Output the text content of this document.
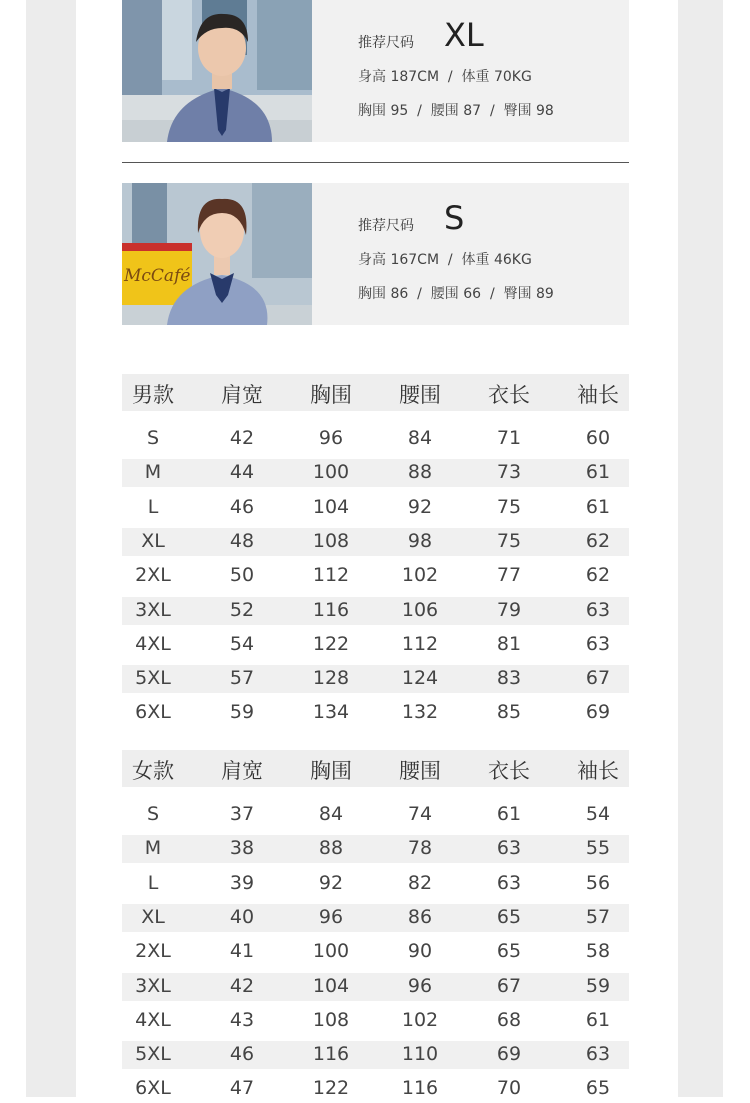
推荐尺码 XL
身高 187CM  /  体重 70KG
胸围 95  /  腰围 87  /  臀围 98
McCafé
推荐尺码 S
身高 167CM  /  体重 46KG
胸围 86  /  腰围 66  /  臀围 89
男款	肩宽	胸围	腰围	衣长	袖长
S	42	96	84	71	60
M	44	100	88	73	61
L	46	104	92	75	61
XL	48	108	98	75	62
2XL	50	112	102	77	62
3XL	52	116	106	79	63
4XL	54	122	112	81	63
5XL	57	128	124	83	67
6XL	59	134	132	85	69
女款	肩宽	胸围	腰围	衣长	袖长
S	37	84	74	61	54
M	38	88	78	63	55
L	39	92	82	63	56
XL	40	96	86	65	57
2XL	41	100	90	65	58
3XL	42	104	96	67	59
4XL	43	108	102	68	61
5XL	46	116	110	69	63
6XL	47	122	116	70	65
